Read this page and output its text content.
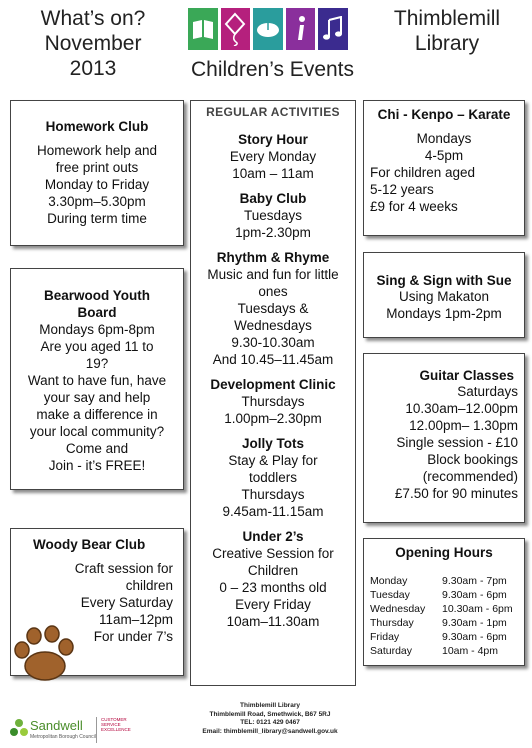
What’s on?
November
2013
Thimblemill
Library
Children’s Events
Homework Club
Homework help and
free print outs
Monday to Friday
3.30pm–5.30pm
During term time
Bearwood Youth
Board
Mondays 6pm-8pm
Are you aged 11 to
19?
Want to have fun, have
your say and help
make a difference in
your local community?
Come and
Join - it’s FREE!
Woody Bear Club
Craft session for
children
Every Saturday
11am–12pm
For under 7’s
REGULAR ACTIVITIES
Story Hour
Every Monday
10am – 11am
Baby Club
Tuesdays
1pm-2.30pm
Rhythm & Rhyme
Music and fun for little
ones
Tuesdays &
Wednesdays
9.30-10.30am
And 10.45–11.45am
Development Clinic
Thursdays
1.00pm–2.30pm
Jolly Tots
Stay & Play for
toddlers
Thursdays
9.45am-11.15am
Under 2’s
Creative Session for
Children
0 – 23 months old
Every Friday
10am–11.30am
Chi - Kenpo – Karate
Mondays
4-5pm
For children aged
5-12 years
£9 for 4 weeks
Sing & Sign with Sue
Using Makaton
Mondays 1pm-2pm
Guitar Classes
Saturdays
10.30am–12.00pm
12.00pm– 1.30pm
Single session - £10
Block bookings
(recommended)
£7.50 for 90 minutes
Opening Hours
Monday	9.30am - 7pm
Tuesday	9.30am - 6pm
Wednesday	10.30am - 6pm
Thursday	9.30am - 1pm
Friday	9.30am - 6pm
Saturday	10am - 4pm
Sandwell
Metropolitan Borough Council
CUSTOMER SERVICE EXCELLENCE
Thimblemill Library
Thimblemill Road, Smethwick, B67 5RJ
TEL: 0121 429 0467
Email: thimblemill_library@sandwell.gov.uk
